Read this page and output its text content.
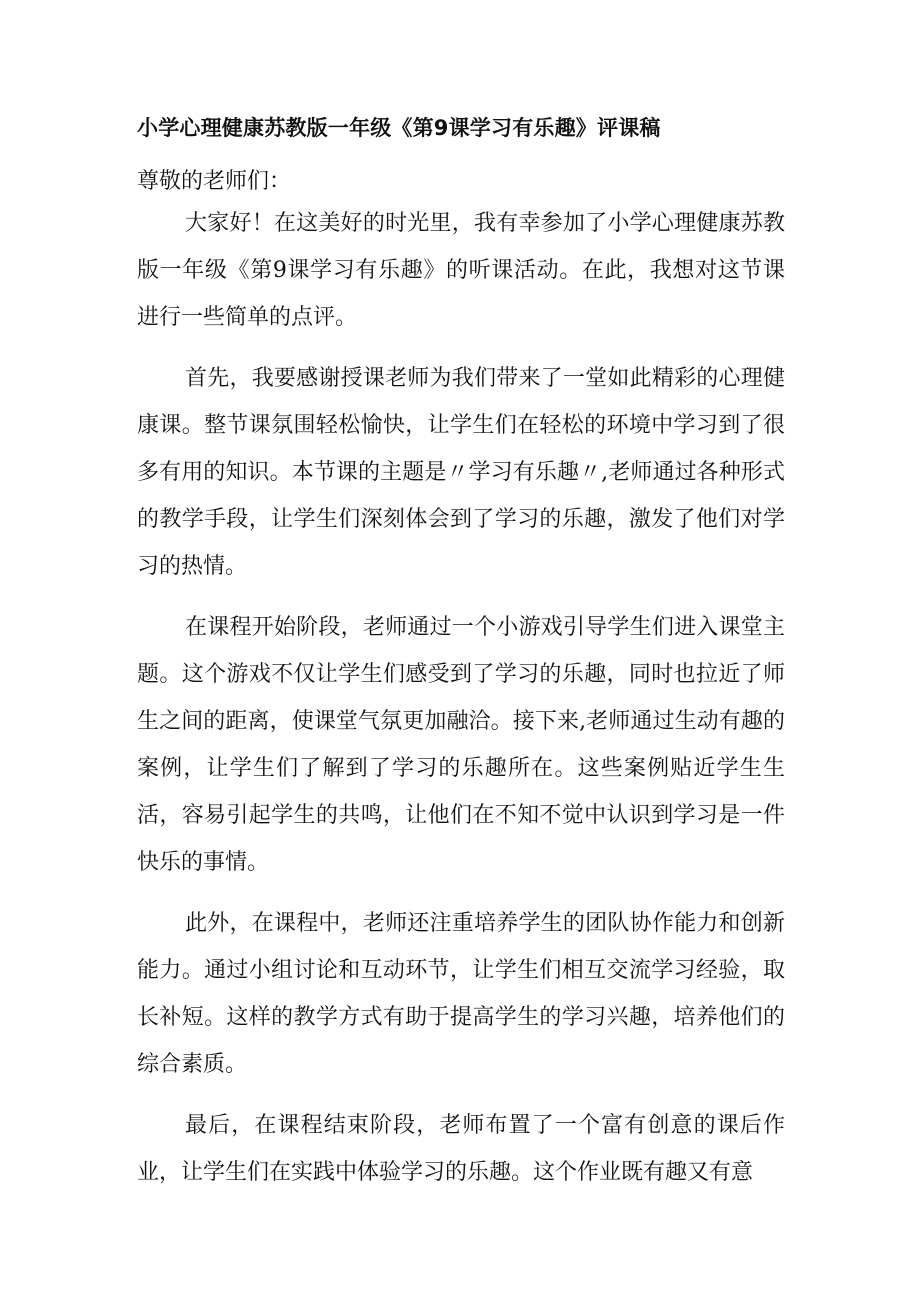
小学心理健康苏教版一年级《第9课学习有乐趣》评课稿

尊敬的老师们：

大家好！在这美好的时光里，我有幸参加了小学心理健康苏教版一年级《第9课学习有乐趣》的听课活动。在此，我想对这节课进行一些简单的点评。

首先，我要感谢授课老师为我们带来了一堂如此精彩的心理健康课。整节课氛围轻松愉快，让学生们在轻松的环境中学习到了很多有用的知识。本节课的主题是〃学习有乐趣〃,老师通过各种形式的教学手段，让学生们深刻体会到了学习的乐趣，激发了他们对学习的热情。

在课程开始阶段，老师通过一个小游戏引导学生们进入课堂主题。这个游戏不仅让学生们感受到了学习的乐趣，同时也拉近了师生之间的距离，使课堂气氛更加融洽。接下来,老师通过生动有趣的案例，让学生们了解到了学习的乐趣所在。这些案例贴近学生生活，容易引起学生的共鸣，让他们在不知不觉中认识到学习是一件快乐的事情。

此外，在课程中，老师还注重培养学生的团队协作能力和创新能力。通过小组讨论和互动环节，让学生们相互交流学习经验，取长补短。这样的教学方式有助于提高学生的学习兴趣，培养他们的综合素质。

最后，在课程结束阶段，老师布置了一个富有创意的课后作业，让学生们在实践中体验学习的乐趣。这个作业既有趣又有意
